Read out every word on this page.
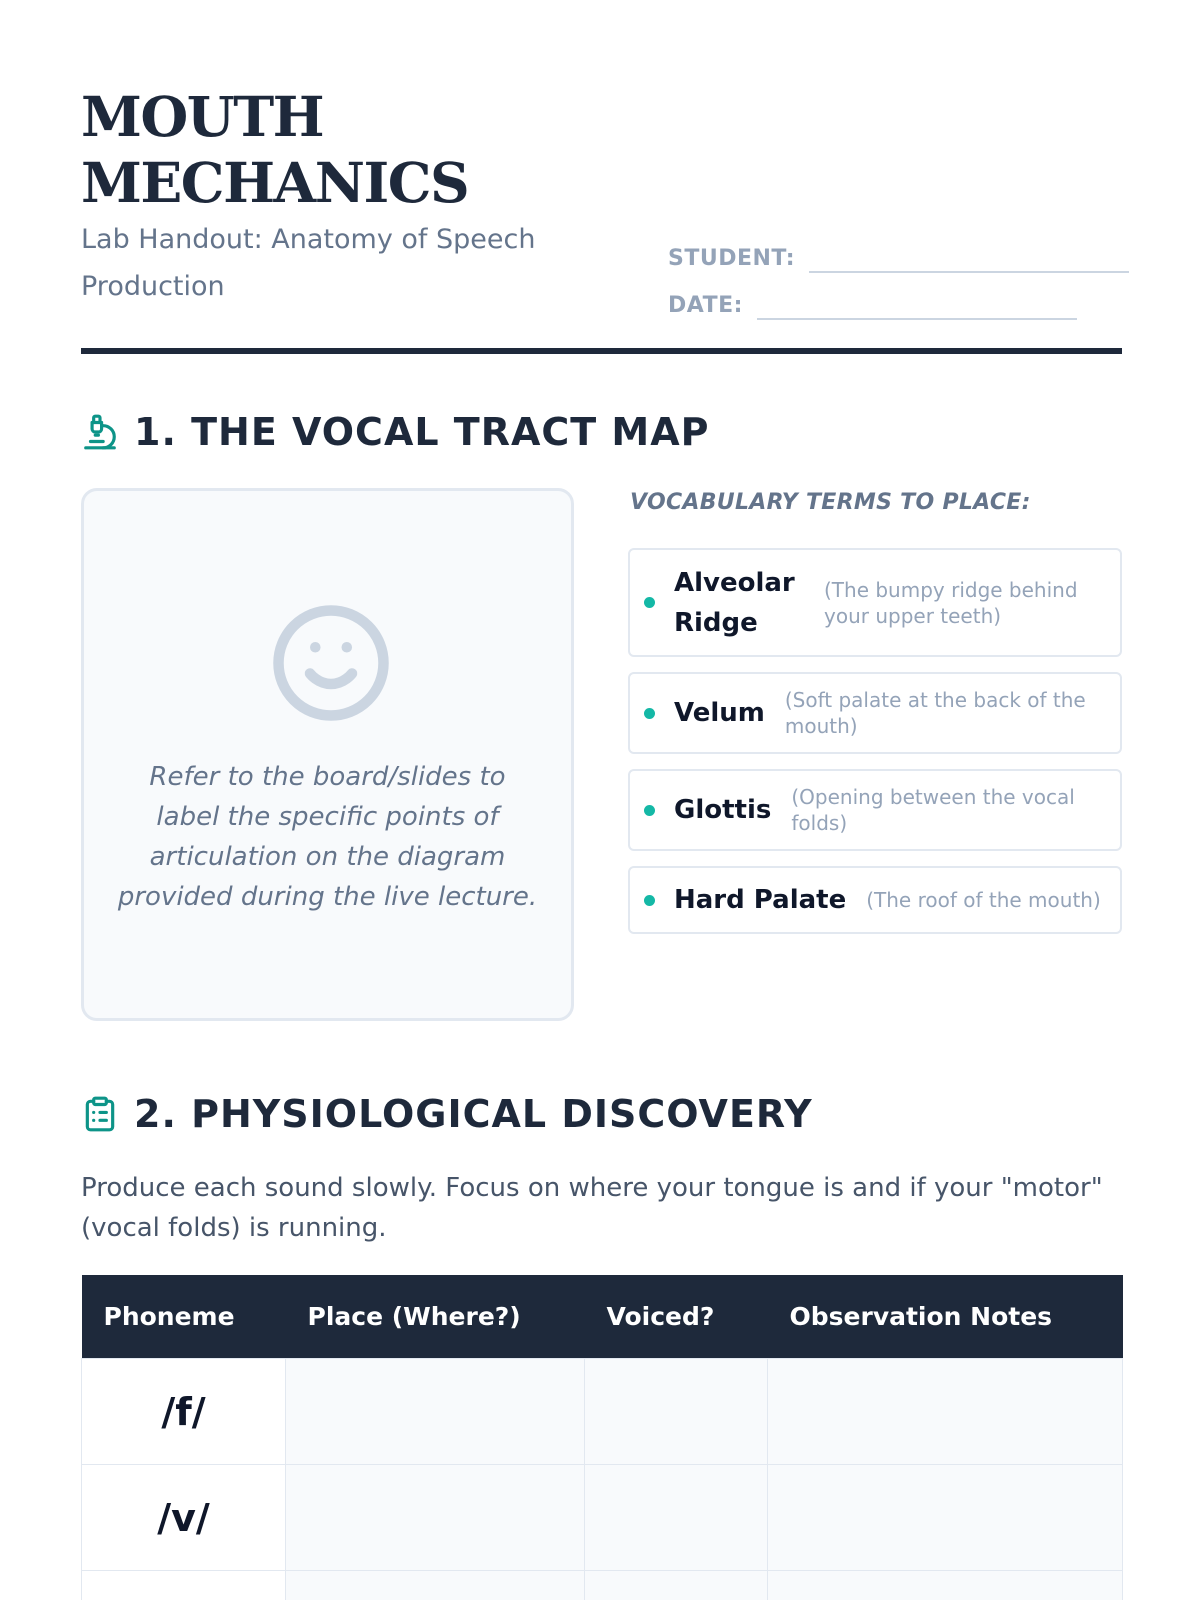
MOUTH
MECHANICS

Lab Handout: Anatomy of Speech Production

STUDENT:
DATE:
1. THE VOCAL TRACT MAP

Refer to the board/slides to label the specific points of articulation on the diagram provided during the live lecture.

VOCABULARY TERMS TO PLACE:

Alveolar Ridge
(The bumpy ridge behind your upper teeth)
Velum (Soft palate at the back of the mouth)
Glottis (Opening between the vocal folds)
Hard Palate (The roof of the mouth)
2. PHYSIOLOGICAL DISCOVERY

Produce each sound slowly. Focus on where your tongue is and if your "motor" (vocal folds) is running.

Phoneme	Place (Where?)	Voiced?	Observation Notes
/f/			
/v/			
